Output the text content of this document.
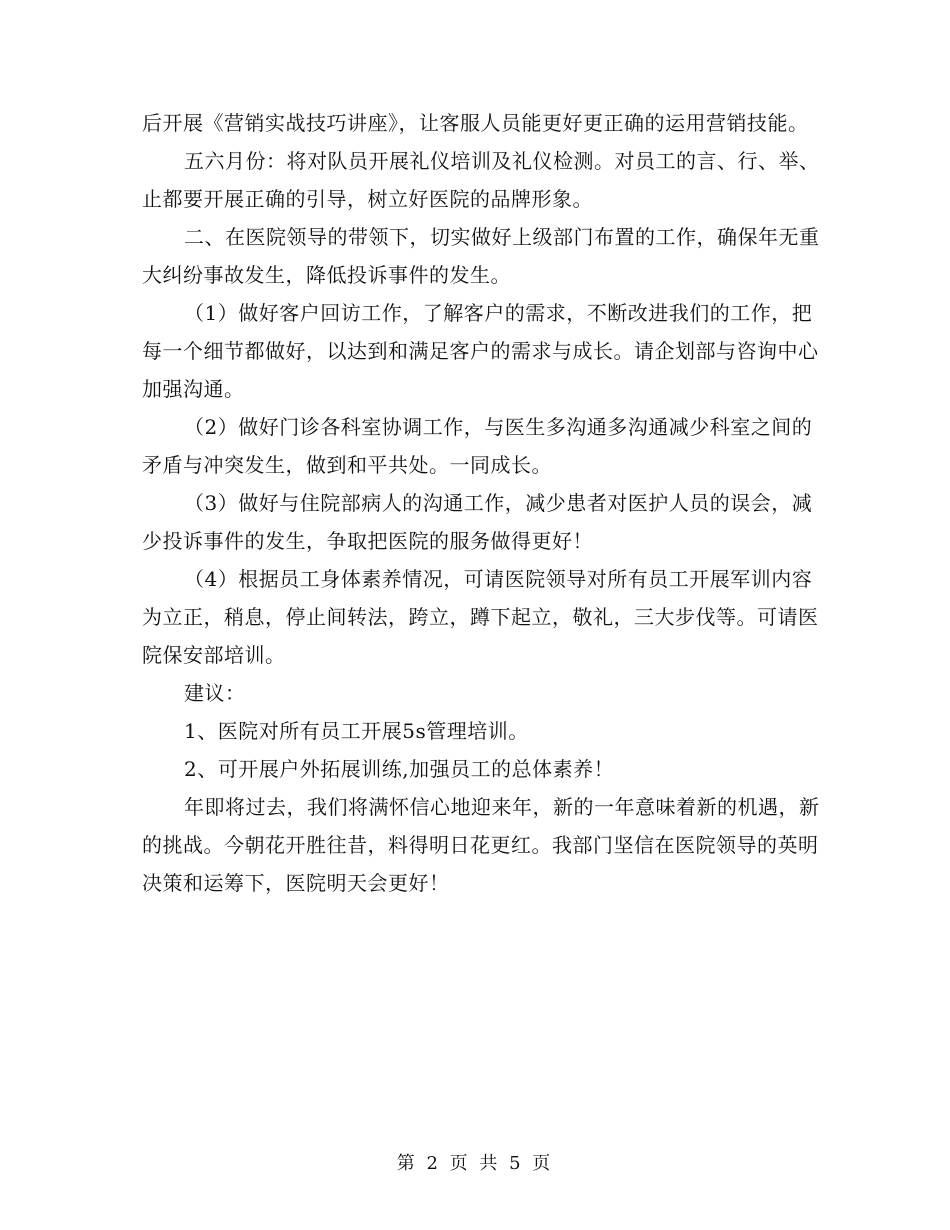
后开展《营销实战技巧讲座》，让客服人员能更好更正确的运用营销技能。

五六月份：将对队员开展礼仪培训及礼仪检测。对员工的言、行、举、止都要开展正确的引导，树立好医院的品牌形象。

二、在医院领导的带领下，切实做好上级部门布置的工作，确保年无重大纠纷事故发生，降低投诉事件的发生。

（1）做好客户回访工作，了解客户的需求，不断改进我们的工作，把每一个细节都做好，以达到和满足客户的需求与成长。请企划部与咨询中心加强沟通。

（2）做好门诊各科室协调工作，与医生多沟通多沟通减少科室之间的矛盾与冲突发生，做到和平共处。一同成长。

（3）做好与住院部病人的沟通工作，减少患者对医护人员的误会，减少投诉事件的发生，争取把医院的服务做得更好！

（4）根据员工身体素养情况，可请医院领导对所有员工开展军训内容为立正，稍息，停止间转法，跨立，蹲下起立，敬礼，三大步伐等。可请医院保安部培训。

建议：

1、医院对所有员工开展5s管理培训。

2、可开展户外拓展训练,加强员工的总体素养！

年即将过去，我们将满怀信心地迎来年，新的一年意味着新的机遇，新的挑战。今朝花开胜往昔，料得明日花更红。我部门坚信在医院领导的英明决策和运筹下，医院明天会更好！

第 2 页 共 5 页
